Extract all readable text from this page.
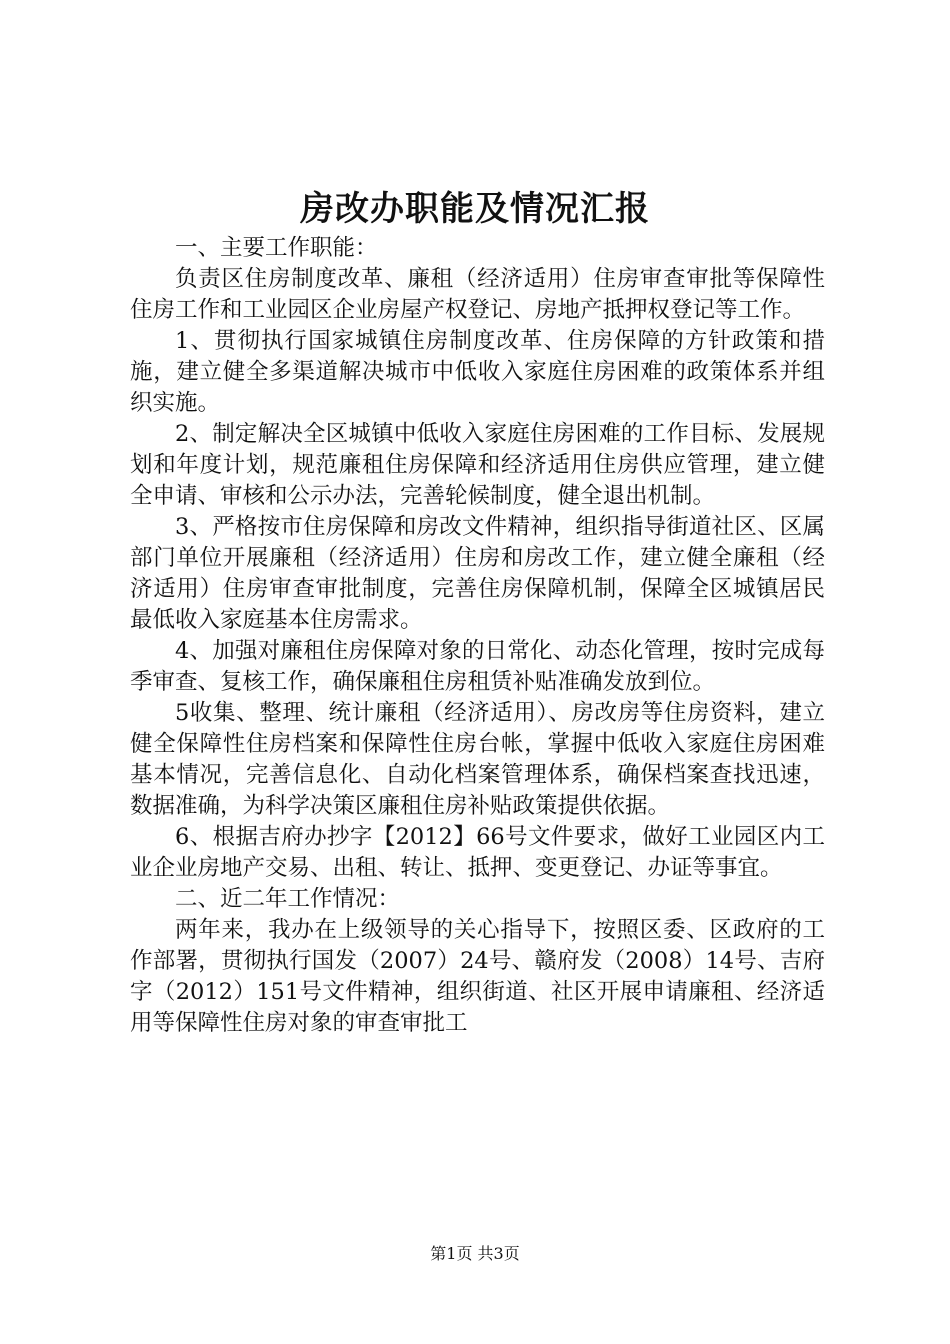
房改办职能及情况汇报

一、主要工作职能：

负责区住房制度改革、廉租（经济适用）住房审查审批等保障性住房工作和工业园区企业房屋产权登记、房地产抵押权登记等工作。

1、贯彻执行国家城镇住房制度改革、住房保障的方针政策和措施，建立健全多渠道解决城市中低收入家庭住房困难的政策体系并组织实施。

2、制定解决全区城镇中低收入家庭住房困难的工作目标、发展规划和年度计划，规范廉租住房保障和经济适用住房供应管理，建立健全申请、审核和公示办法，完善轮候制度，健全退出机制。

3、严格按市住房保障和房改文件精神，组织指导街道社区、区属部门单位开展廉租（经济适用）住房和房改工作，建立健全廉租（经济适用）住房审查审批制度，完善住房保障机制，保障全区城镇居民最低收入家庭基本住房需求。

4、加强对廉租住房保障对象的日常化、动态化管理，按时完成每季审查、复核工作，确保廉租住房租赁补贴准确发放到位。

5收集、整理、统计廉租（经济适用）、房改房等住房资料，建立健全保障性住房档案和保障性住房台帐，掌握中低收入家庭住房困难基本情况，完善信息化、自动化档案管理体系，确保档案查找迅速，数据准确，为科学决策区廉租住房补贴政策提供依据。

6、根据吉府办抄字【2012】66号文件要求，做好工业园区内工业企业房地产交易、出租、转让、抵押、变更登记、办证等事宜。

二、近二年工作情况：

两年来，我办在上级领导的关心指导下，按照区委、区政府的工作部署，贯彻执行国发（2007）24号、赣府发（2008）14号、吉府字（2012）151号文件精神，组织街道、社区开展申请廉租、经济适用等保障性住房对象的审查审批工

第1页 共3页
